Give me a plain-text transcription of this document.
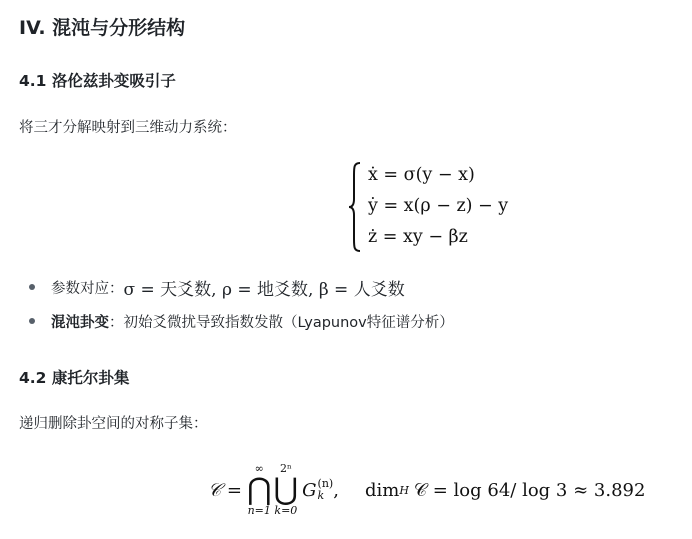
IV. 混沌与分形结构
4.1 洛伦兹卦变吸引子
将三才分解映射到三维动力系统：
ẋ = σ(y − x)
ẏ = x(ρ − z) − y
ż = xy − βz
参数对应： σ = 天爻数, ρ = 地爻数, β = 人爻数
混沌卦变 ： 初始爻微扰导致指数发散（Lyapunov特征谱分析）
4.2 康托尔卦集
递归删除卦空间的对称子集：
𝒞 =
∞
⋂
n=1
2ⁿ
⋃
k=0
G (n)
k , dim H 𝒞 = log 64/ log 3 ≈ 3.892
